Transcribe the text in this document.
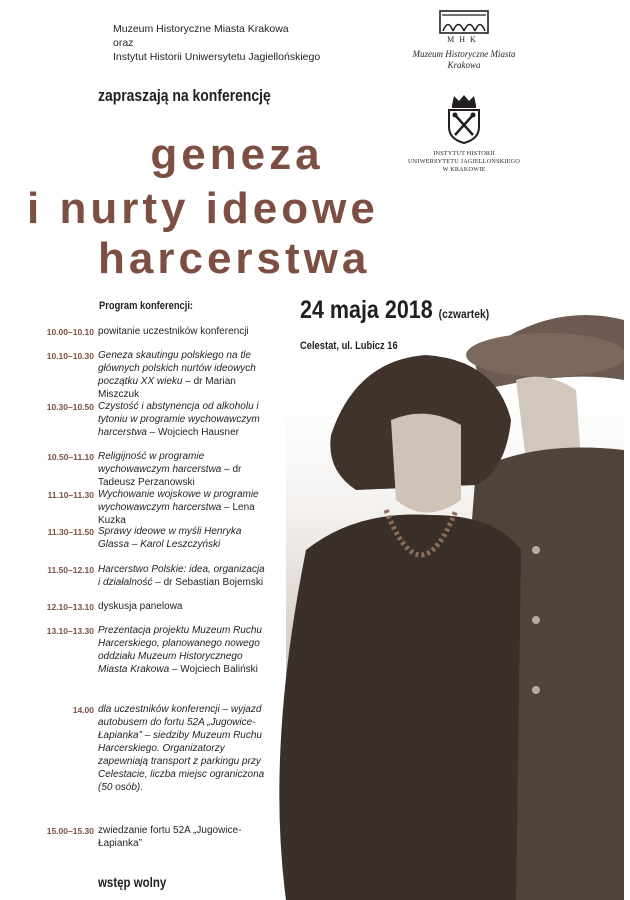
Muzeum Historyczne Miasta Krakowa
oraz
Instytut Historii Uniwersytetu Jagiellońskiego
MHK
Muzeum Historyczne Miasta
Krakowa
INSTYTUT HISTORII
UNIWERSYTETU JAGIELLOŃSKIEGO
W KRAKOWIE
zapraszają na konferencję
geneza
i nurty ideowe
harcerstwa
Program konferencji:	24 maja 2018 (czwartek)
Celestat, ul. Lubicz 16
10.00–10.10 powitanie uczestników konferencji
10.10–10.30 Geneza skautingu polskiego na tle głównych polskich nurtów ideowych początku XX wieku – dr Marian Miszczuk
10.30–10.50 Czystość i abstynencja od alkoholu i tytoniu w programie wychowawczym harcerstwa – Wojciech Hausner
10.50–11.10 Religijność w programie wychowawczym harcerstwa – dr Tadeusz Perzanowski
11.10–11.30 Wychowanie wojskowe w programie wychowawczym harcerstwa – Lena Kuzka
11.30–11.50 Sprawy ideowe w myśli Henryka Glassa – Karol Leszczyński
11.50–12.10 Harcerstwo Polskie: idea, organizacja i działalność – dr Sebastian Bojemski
12.10–13.10 dyskusja panelowa
13.10–13.30 Prezentacja projektu Muzeum Ruchu Harcerskiego, planowanego nowego oddziału Muzeum Historycznego Miasta Krakowa – Wojciech Baliński
14.00 dla uczestników konferencji – wyjazd autobusem do fortu 52A „Jugowice-Łapianka” – siedziby Muzeum Ruchu Harcerskiego. Organizatorzy zapewniają transport z parkingu przy Celestacie, liczba miejsc ograniczona (50 osób).
15.00–15.30 zwiedzanie fortu 52A „Jugowice-Łapianka”
wstęp wolny
